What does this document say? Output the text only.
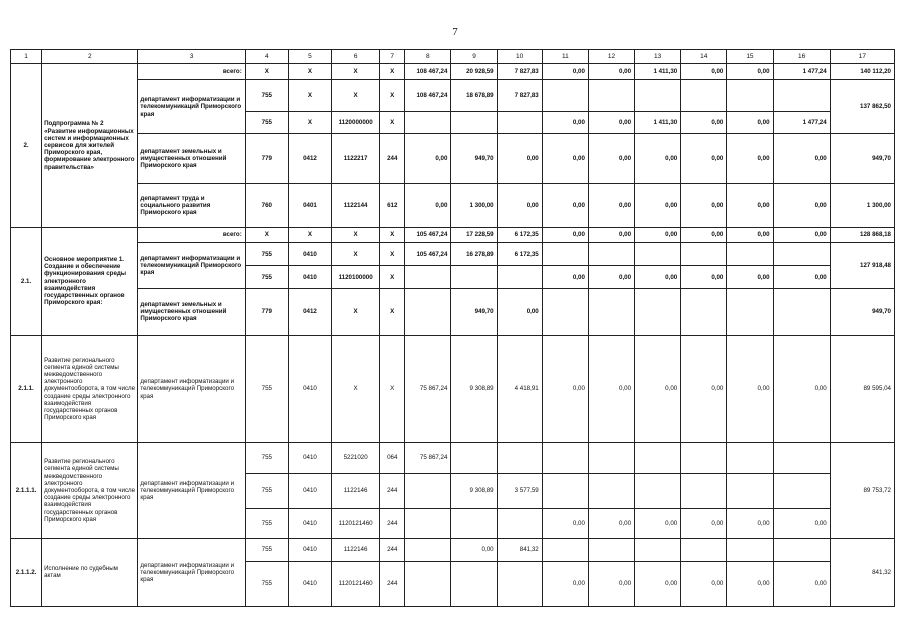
7
1	2	3	4	5	6	7	8	9	10	11	12	13	14	15	16	17
2.	Подпрограмма № 2 «Развитие информационных систем и информационных сервисов для жителей Приморского края, формирование электронного правительства»	всего:	X	X	X	X	108 467,24	20 928,59	7 827,83	0,00	0,00	1 411,30	0,00	0,00	1 477,24	140 112,20
		департамент информатизации и телекоммуникаций Приморского края	755	X	X	X	108 467,24	18 678,89	7 827,83							137 862,50
			755	X	1120000000	X				0,00	0,00	1 411,30	0,00	0,00	1 477,24	
		департамент земельных и имущественных отношений Приморского края	779	0412	1122217	244	0,00	949,70	0,00	0,00	0,00	0,00	0,00	0,00	0,00	949,70
		департамент труда и социального развития Приморского края	760	0401	1122144	612	0,00	1 300,00	0,00	0,00	0,00	0,00	0,00	0,00	0,00	1 300,00
2.1.	Основное мероприятие 1. Создание и обеспечение функционирования среды электронного взаимодействия государственных органов Приморского края:	всего:	X	X	X	X	105 467,24	17 228,59	6 172,35	0,00	0,00	0,00	0,00	0,00	0,00	128 868,18
		департамент информатизации и телекоммуникаций Приморского края	755	0410	X	X	105 467,24	16 278,89	6 172,35							127 918,48
			755	0410	1120100000	X				0,00	0,00	0,00	0,00	0,00	0,00	
		департамент земельных и имущественных отношений Приморского края	779	0412	X	X		949,70	0,00							949,70
2.1.1.	Развитие регионального сегмента единой системы межведомственного электронного документооборота, в том числе создание среды электронного взаимодействия государственных органов Приморского края	департамент информатизации и телекоммуникаций Приморского края	755	0410	X	X	75 867,24	9 308,89	4 418,91	0,00	0,00	0,00	0,00	0,00	0,00	89 595,04
2.1.1.1.	Развитие регионального сегмента единой системы межведомственного электронного документооборота, в том числе создание среды электронного взаимодействия государственных органов Приморского края	департамент информатизации и телекоммуникаций Приморского края	755	0410	5221020	064	75 867,24									89 753,72
			755	0410	1122146	244		9 308,89	3 577,59							
			755	0410	1120121460	244				0,00	0,00	0,00	0,00	0,00	0,00	
2.1.1.2.	Исполнение по судебным актам	департамент информатизации и телекоммуникаций Приморского края	755	0410	1122146	244		0,00	841,32							841,32
			755	0410	1120121460	244				0,00	0,00	0,00	0,00	0,00	0,00	
